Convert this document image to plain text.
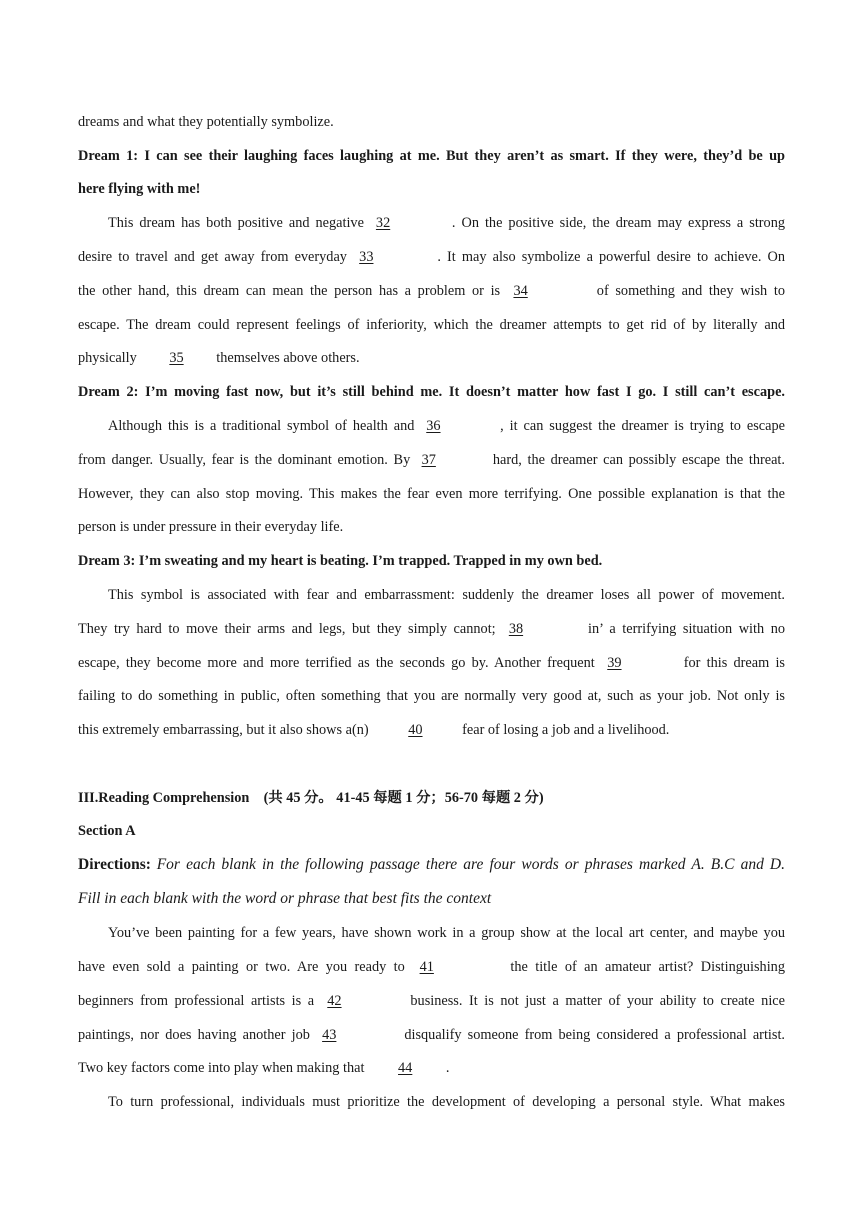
dreams and what they potentially symbolize.

Dream 1: I can see their laughing faces laughing at me. But they aren’t as smart. If they were, they’d be up

here flying with me!

This dream has both positive and negative 32	. On the positive side, the dream may express a strong

desire to travel and get away from everyday 33	. It may also symbolize a powerful desire to achieve. On

the other hand, this dream can mean the person has a problem or is 34	of something and they wish to

escape. The dream could represent feelings of inferiority, which the dreamer attempts to get rid of by literally and

physically 35 themselves above others.

Dream 2: I’m moving fast now, but it’s still behind me. It doesn’t matter how fast I go. I still can’t escape.

Although this is a traditional symbol of health and 36	, it can suggest the dreamer is trying to escape

from danger. Usually, fear is the dominant emotion. By 37	hard, the dreamer can possibly escape the threat.

However, they can also stop moving. This makes the fear even more terrifying. One possible explanation is that the

person is under pressure in their everyday life.

Dream 3: I’m sweating and my heart is beating. I’m trapped. Trapped in my own bed.

This symbol is associated with fear and embarrassment: suddenly the dreamer loses all power of movement.

They try hard to move their arms and legs, but they simply cannot; 38	in’ a terrifying situation with no

escape, they become more and more terrified as the seconds go by. Another frequent 39	for this dream is

failing to do something in public, often something that you are normally very good at, such as your job. Not only is

this extremely embarrassing, but it also shows a(n)	40	fear of losing a job and a livelihood.

III.Reading Comprehension　(共 45 分。 41-45 每题 1 分；56-70 每题 2 分)

Section A

Directions: For each blank in the following passage there are four words or phrases marked A. B.C and D.

Fill in each blank with the word or phrase that best fits the context

You’ve been painting for a few years, have shown work in a group show at the local art center, and maybe you

have even sold a painting or two. Are you ready to 41	the title of an amateur artist? Distinguishing

beginners from professional artists is a 42	business. It is not just a matter of your ability to create nice

paintings, nor does having another job 43	disqualify someone from being considered a professional artist.

Two key factors come into play when making that 44 .

To turn professional, individuals must prioritize the development of developing a personal style. What makes
